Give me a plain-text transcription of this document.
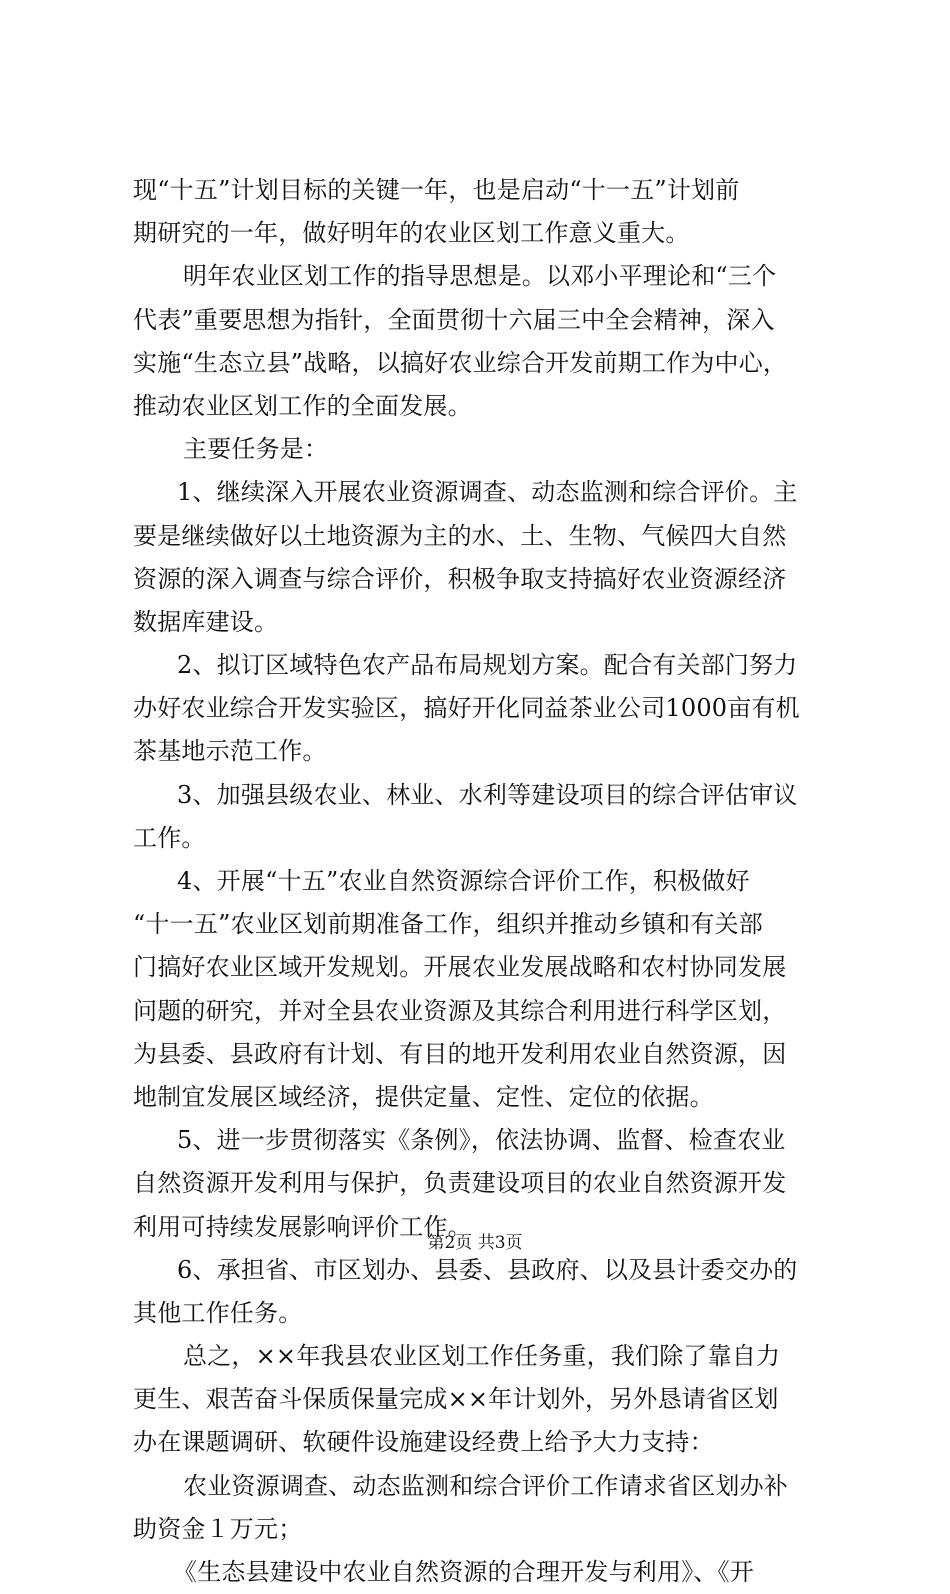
现“十五”计划目标的关键一年，也是启动“十一五”计划前
期研究的一年，做好明年的农业区划工作意义重大。
明年农业区划工作的指导思想是。以邓小平理论和“三个
代表”重要思想为指针，全面贯彻十六届三中全会精神，深入
实施“生态立县”战略，以搞好农业综合开发前期工作为中心，
推动农业区划工作的全面发展。
主要任务是：
1、继续深入开展农业资源调查、动态监测和综合评价。主
要是继续做好以土地资源为主的水、土、生物、气候四大自然
资源的深入调查与综合评价，积极争取支持搞好农业资源经济
数据库建设。
2、拟订区域特色农产品布局规划方案。配合有关部门努力
办好农业综合开发实验区，搞好开化同益茶业公司1000亩有机
茶基地示范工作。
3、加强县级农业、林业、水利等建设项目的综合评估审议
工作。
4、开展“十五”农业自然资源综合评价工作，积极做好
“十一五”农业区划前期准备工作，组织并推动乡镇和有关部
门搞好农业区域开发规划。开展农业发展战略和农村协同发展
问题的研究，并对全县农业资源及其综合利用进行科学区划，
为县委、县政府有计划、有目的地开发利用农业自然资源，因
地制宜发展区域经济，提供定量、定性、定位的依据。
5、进一步贯彻落实《条例》，依法协调、监督、检查农业
自然资源开发利用与保护，负责建设项目的农业自然资源开发
利用可持续发展影响评价工作。
6、承担省、市区划办、县委、县政府、以及县计委交办的
其他工作任务。
总之，××年我县农业区划工作任务重，我们除了靠自力
更生、艰苦奋斗保质保量完成××年计划外，另外恳请省区划
办在课题调研、软硬件设施建设经费上给予大力支持：
农业资源调查、动态监测和综合评价工作请求省区划办补
助资金１万元；
《生态县建设中农业自然资源的合理开发与利用》、《开
第2页 共3页
